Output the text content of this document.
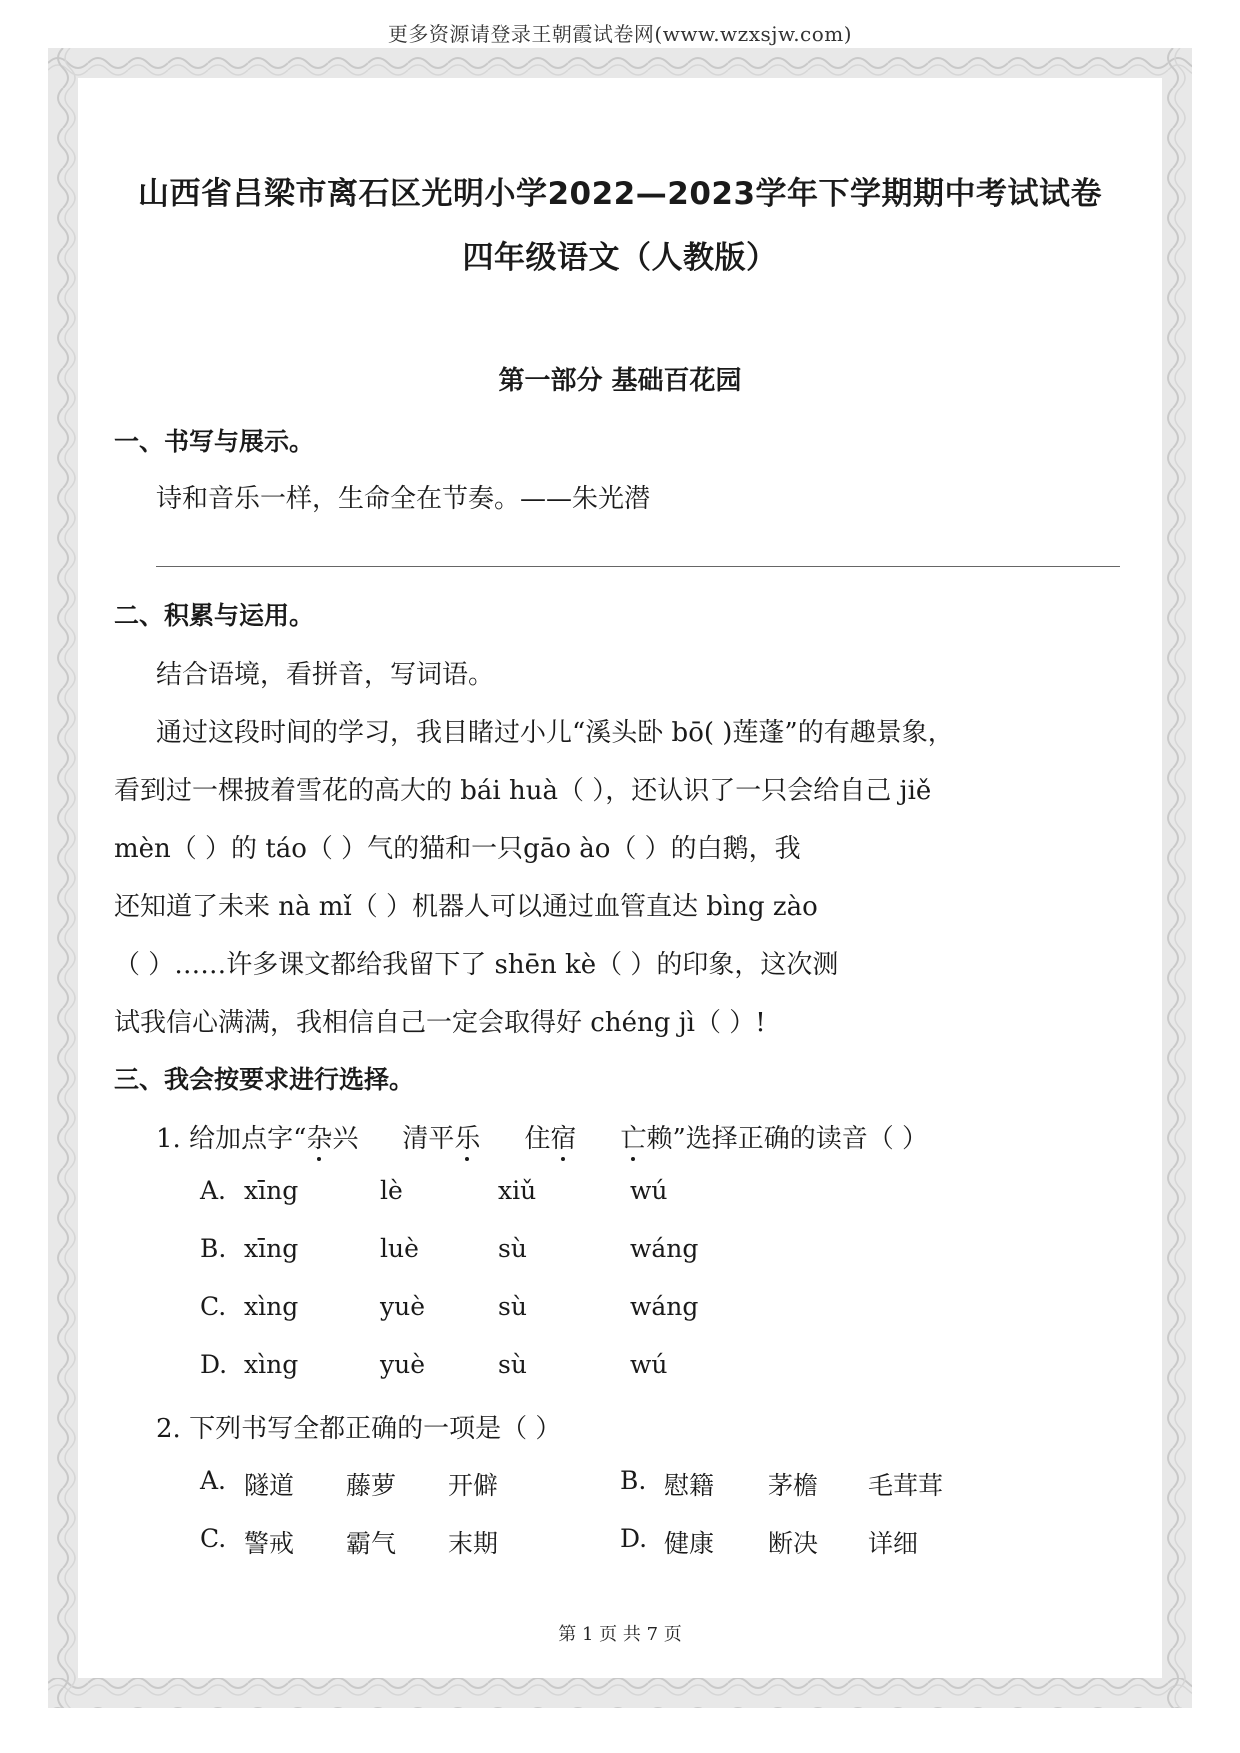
更多资源请登录王朝霞试卷网(www.wzxsjw.com)
山西省吕梁市离石区光明小学2022—2023学年下学期期中考试试卷
四年级语文（人教版）
第一部分 基础百花园
一、书写与展示。
诗和音乐一样，生命全在节奏。——朱光潜
二、积累与运用。
结合语境，看拼音，写词语。
通过这段时间的学习，我目睹过小儿“溪头卧 bō( )莲蓬”的有趣景象，
看到过一棵披着雪花的高大的 bái huà（ ），还认识了一只会给自己 jiě
mèn（ ）的 táo（ ）气的猫和一只gāo ào（ ）的白鹅，我
还知道了未来 nà mǐ（ ）机器人可以通过血管直达 bìng zào
（ ）……许多课文都给我留下了 shēn kè（ ）的印象，这次测
试我信心满满，我相信自己一定会取得好 chéng jì（ ）!
三、我会按要求进行选择。
1. 给加点字“杂兴 清平乐 住宿 亡赖”选择正确的读音（ ）
A. xīng	lè	xiǔ	wú
B. xīng	luè	sù	wáng
C. xìng	yuè	sù	wáng
D. xìng	yuè	sù	wú
2. 下列书写全都正确的一项是（ ）
A. 隧道 藤萝 开僻	B. 慰籍 茅檐 毛茸茸
C. 警戒 霸气 末期	D. 健康 断决 详细
第 1 页 共 7 页
